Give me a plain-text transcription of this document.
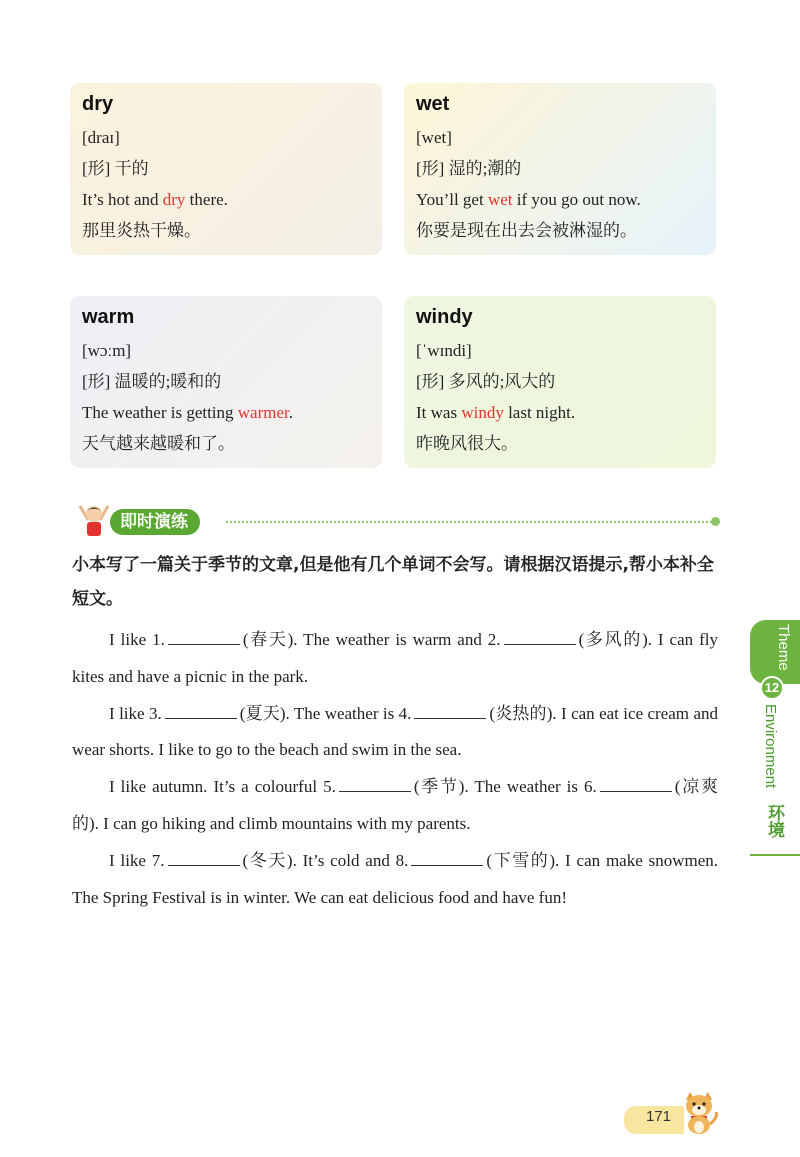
dry

[draɪ]

[形] 干的

It’s hot and dry there.

那里炎热干燥。

wet

[wet]

[形] 湿的;潮的

You’ll get wet if you go out now.

你要是现在出去会被淋湿的。

warm

[wɔːm]

[形] 温暖的;暖和的

The weather is getting warmer.

天气越来越暖和了。

windy

[ˈwɪndi]

[形] 多风的;风大的

It was windy last night.

昨晚风很大。

即时演练
小本写了一篇关于季节的文章,但是他有几个单词不会写。请根据汉语提示,帮小本补全短文。

I like 1.	(春天). The weather is warm and 2.	(多风的). I can fly kites and have a picnic in the park.

I like 3.	(夏天). The weather is 4.	(炎热的). I can eat ice cream and wear shorts. I like to go to the beach and swim in the sea.

I like autumn. It’s a colourful 5.	(季节). The weather is 6.	(凉爽的). I can go hiking and climb mountains with my parents.

I like 7.	(冬天). It’s cold and 8.	(下雪的). I can make snowmen. The Spring Festival is in winter. We can eat delicious food and have fun!

Theme
12
Environment
环境
171
